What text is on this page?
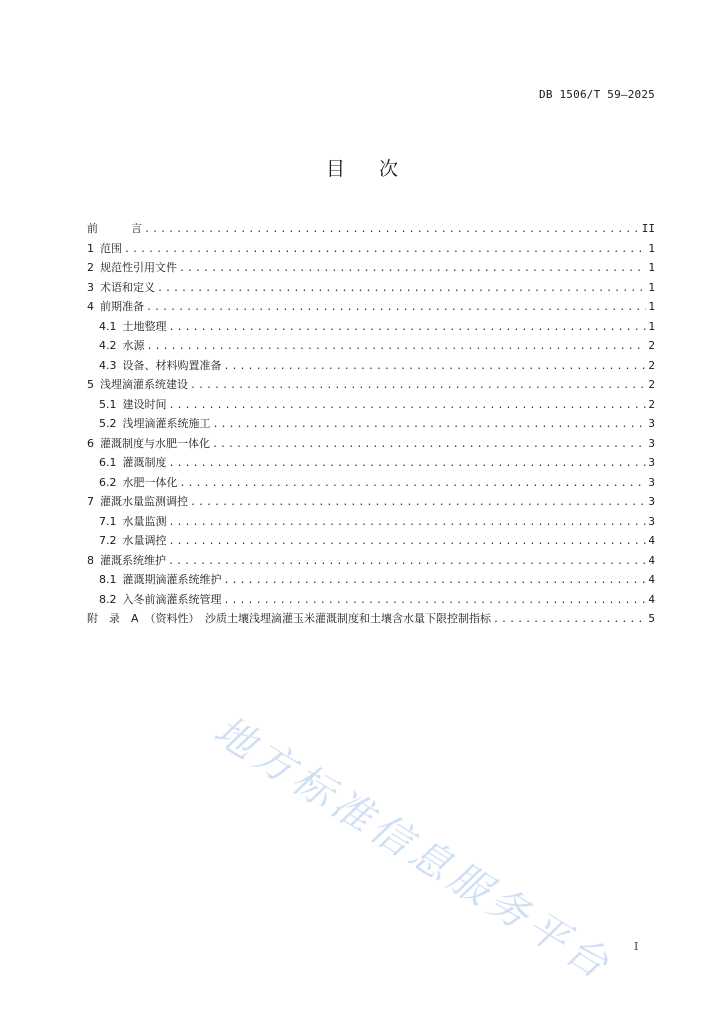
DB 1506/T 59—2025
目 次
前　　　言 .....	II
1 范围 .....	1
2 规范性引用文件 .....	1
3 术语和定义 .....	1
4 前期准备 .....	1
4.1 土地整理 .....	1
4.2 水源 .....	2
4.3 设备、材料购置准备 .....	2
5 浅埋滴灌系统建设 .....	2
5.1 建设时间 .....	2
5.2 浅埋滴灌系统施工 .....	3
6 灌溉制度与水肥一体化 .....	3
6.1 灌溉制度 .....	3
6.2 水肥一体化 .....	3
7 灌溉水量监测调控 .....	3
7.1 水量监测 .....	3
7.2 水量调控 .....	4
8 灌溉系统维护 .....	4
8.1 灌溉期滴灌系统维护 .....	4
8.2 入冬前滴灌系统管理 .....	4
附　录　A （资料性）　沙质土壤浅埋滴灌玉米灌溉制度和土壤含水量下限控制指标 .....	5
地方标准信息服务平台	I
